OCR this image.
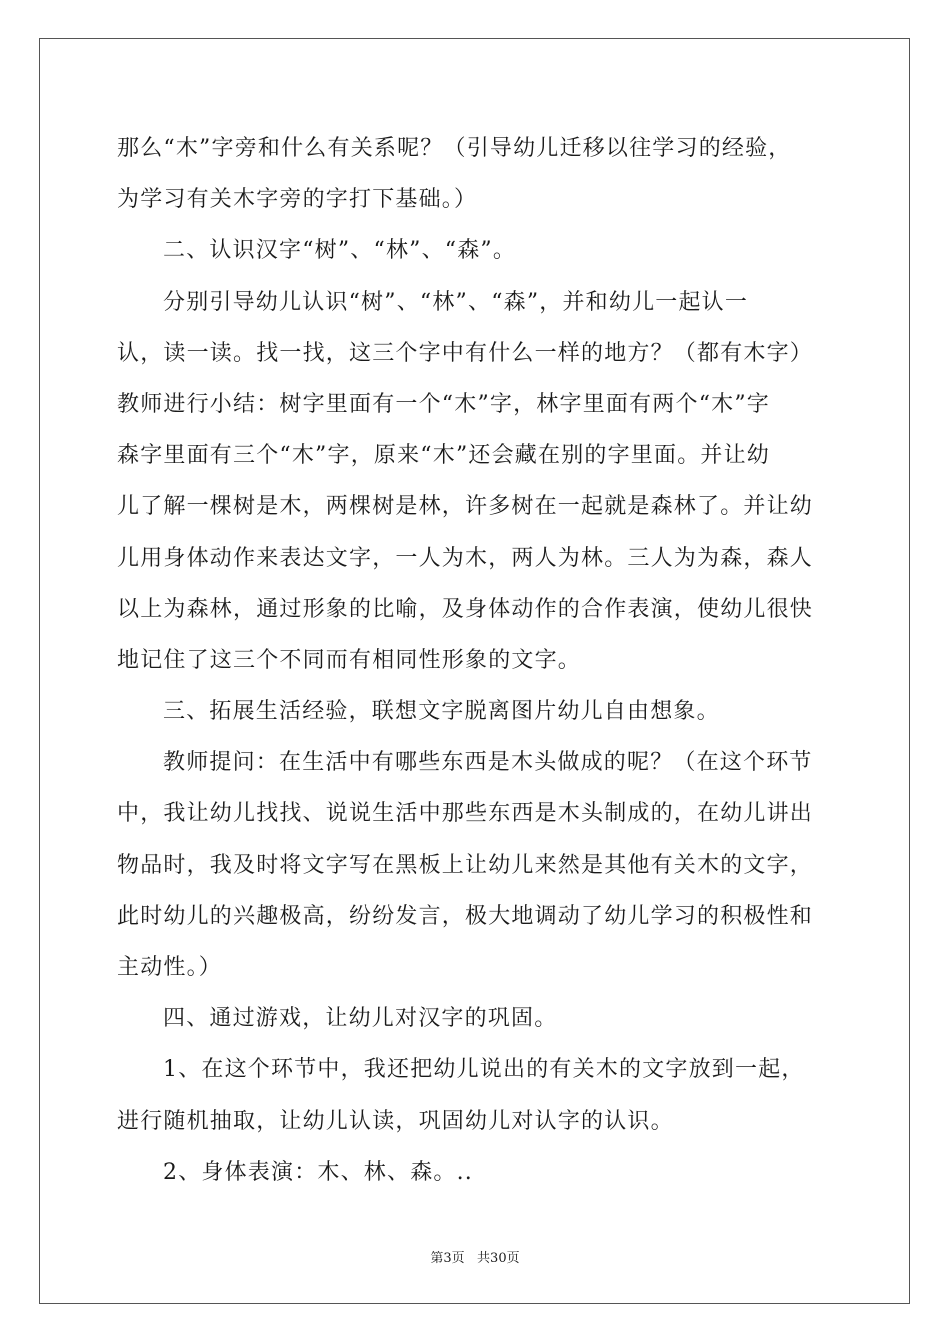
那么“木”字旁和什么有关系呢？（引导幼儿迁移以往学习的经验，
为学习有关木字旁的字打下基础。）
二、认识汉字“树”、“林”、“森”。
分别引导幼儿认识“树”、“林”、“森”，并和幼儿一起认一
认，读一读。找一找，这三个字中有什么一样的地方？（都有木字）
教师进行小结：树字里面有一个“木”字，林字里面有两个“木”字
森字里面有三个“木”字，原来“木”还会藏在别的字里面。并让幼
儿了解一棵树是木，两棵树是林，许多树在一起就是森林了。并让幼
儿用身体动作来表达文字，一人为木，两人为林。三人为为森，森人
以上为森林，通过形象的比喻，及身体动作的合作表演，使幼儿很快
地记住了这三个不同而有相同性形象的文字。
三、拓展生活经验，联想文字脱离图片幼儿自由想象。
教师提问：在生活中有哪些东西是木头做成的呢？（在这个环节
中，我让幼儿找找、说说生活中那些东西是木头制成的，在幼儿讲出
物品时，我及时将文字写在黑板上让幼儿来然是其他有关木的文字，
此时幼儿的兴趣极高，纷纷发言，极大地调动了幼儿学习的积极性和
主动性。）
四、通过游戏，让幼儿对汉字的巩固。
1、在这个环节中，我还把幼儿说出的有关木的文字放到一起，
进行随机抽取，让幼儿认读，巩固幼儿对认字的认识。
2、身体表演：木、林、森。..
第3页   共30页
